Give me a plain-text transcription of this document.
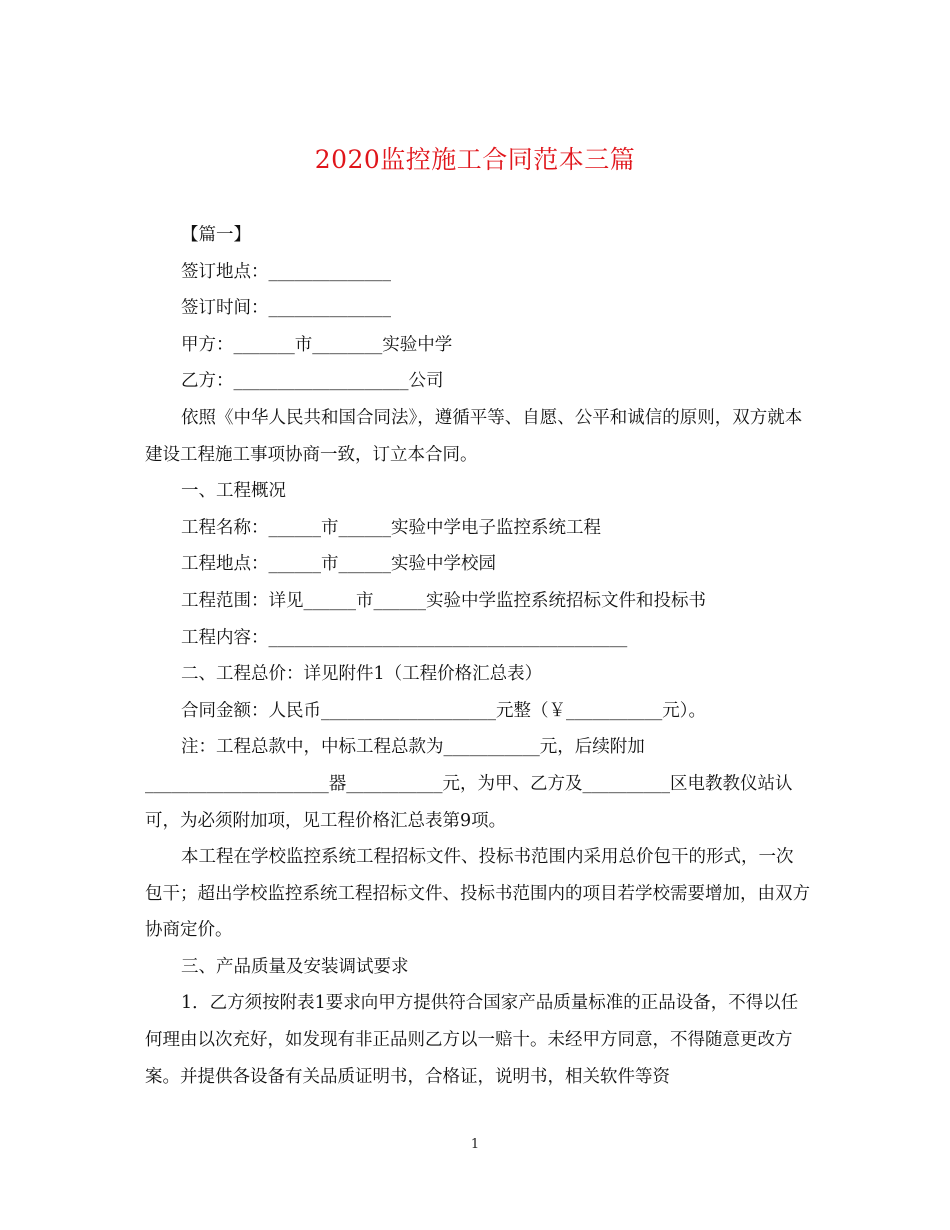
2020监控施工合同范本三篇

【篇一】

签订地点：______________

签订时间：______________

甲方：_______市________实验中学

乙方：____________________公司

依照《中华人民共和国合同法》，遵循平等、自愿、公平和诚信的原则，双方就本建设工程施工事项协商一致，订立本合同。

一、工程概况

工程名称：______市______实验中学电子监控系统工程

工程地点：______市______实验中学校园

工程范围：详见______市______实验中学监控系统招标文件和投标书

工程内容：_________________________________________

二、工程总价：详见附件1（工程价格汇总表）

合同金额：人民币____________________元整（￥___________元）。

注：工程总款中，中标工程总款为___________元，后续附加_____________________器___________元，为甲、乙方及__________区电教教仪站认可，为必须附加项，见工程价格汇总表第9项。

本工程在学校监控系统工程招标文件、投标书范围内采用总价包干的形式，一次包干；超出学校监控系统工程招标文件、投标书范围内的项目若学校需要增加，由双方协商定价。

三、产品质量及安装调试要求

1．乙方须按附表1要求向甲方提供符合国家产品质量标准的正品设备，不得以任何理由以次充好，如发现有非正品则乙方以一赔十。未经甲方同意，不得随意更改方案。并提供各设备有关品质证明书，合格证，说明书，相关软件等资

1
